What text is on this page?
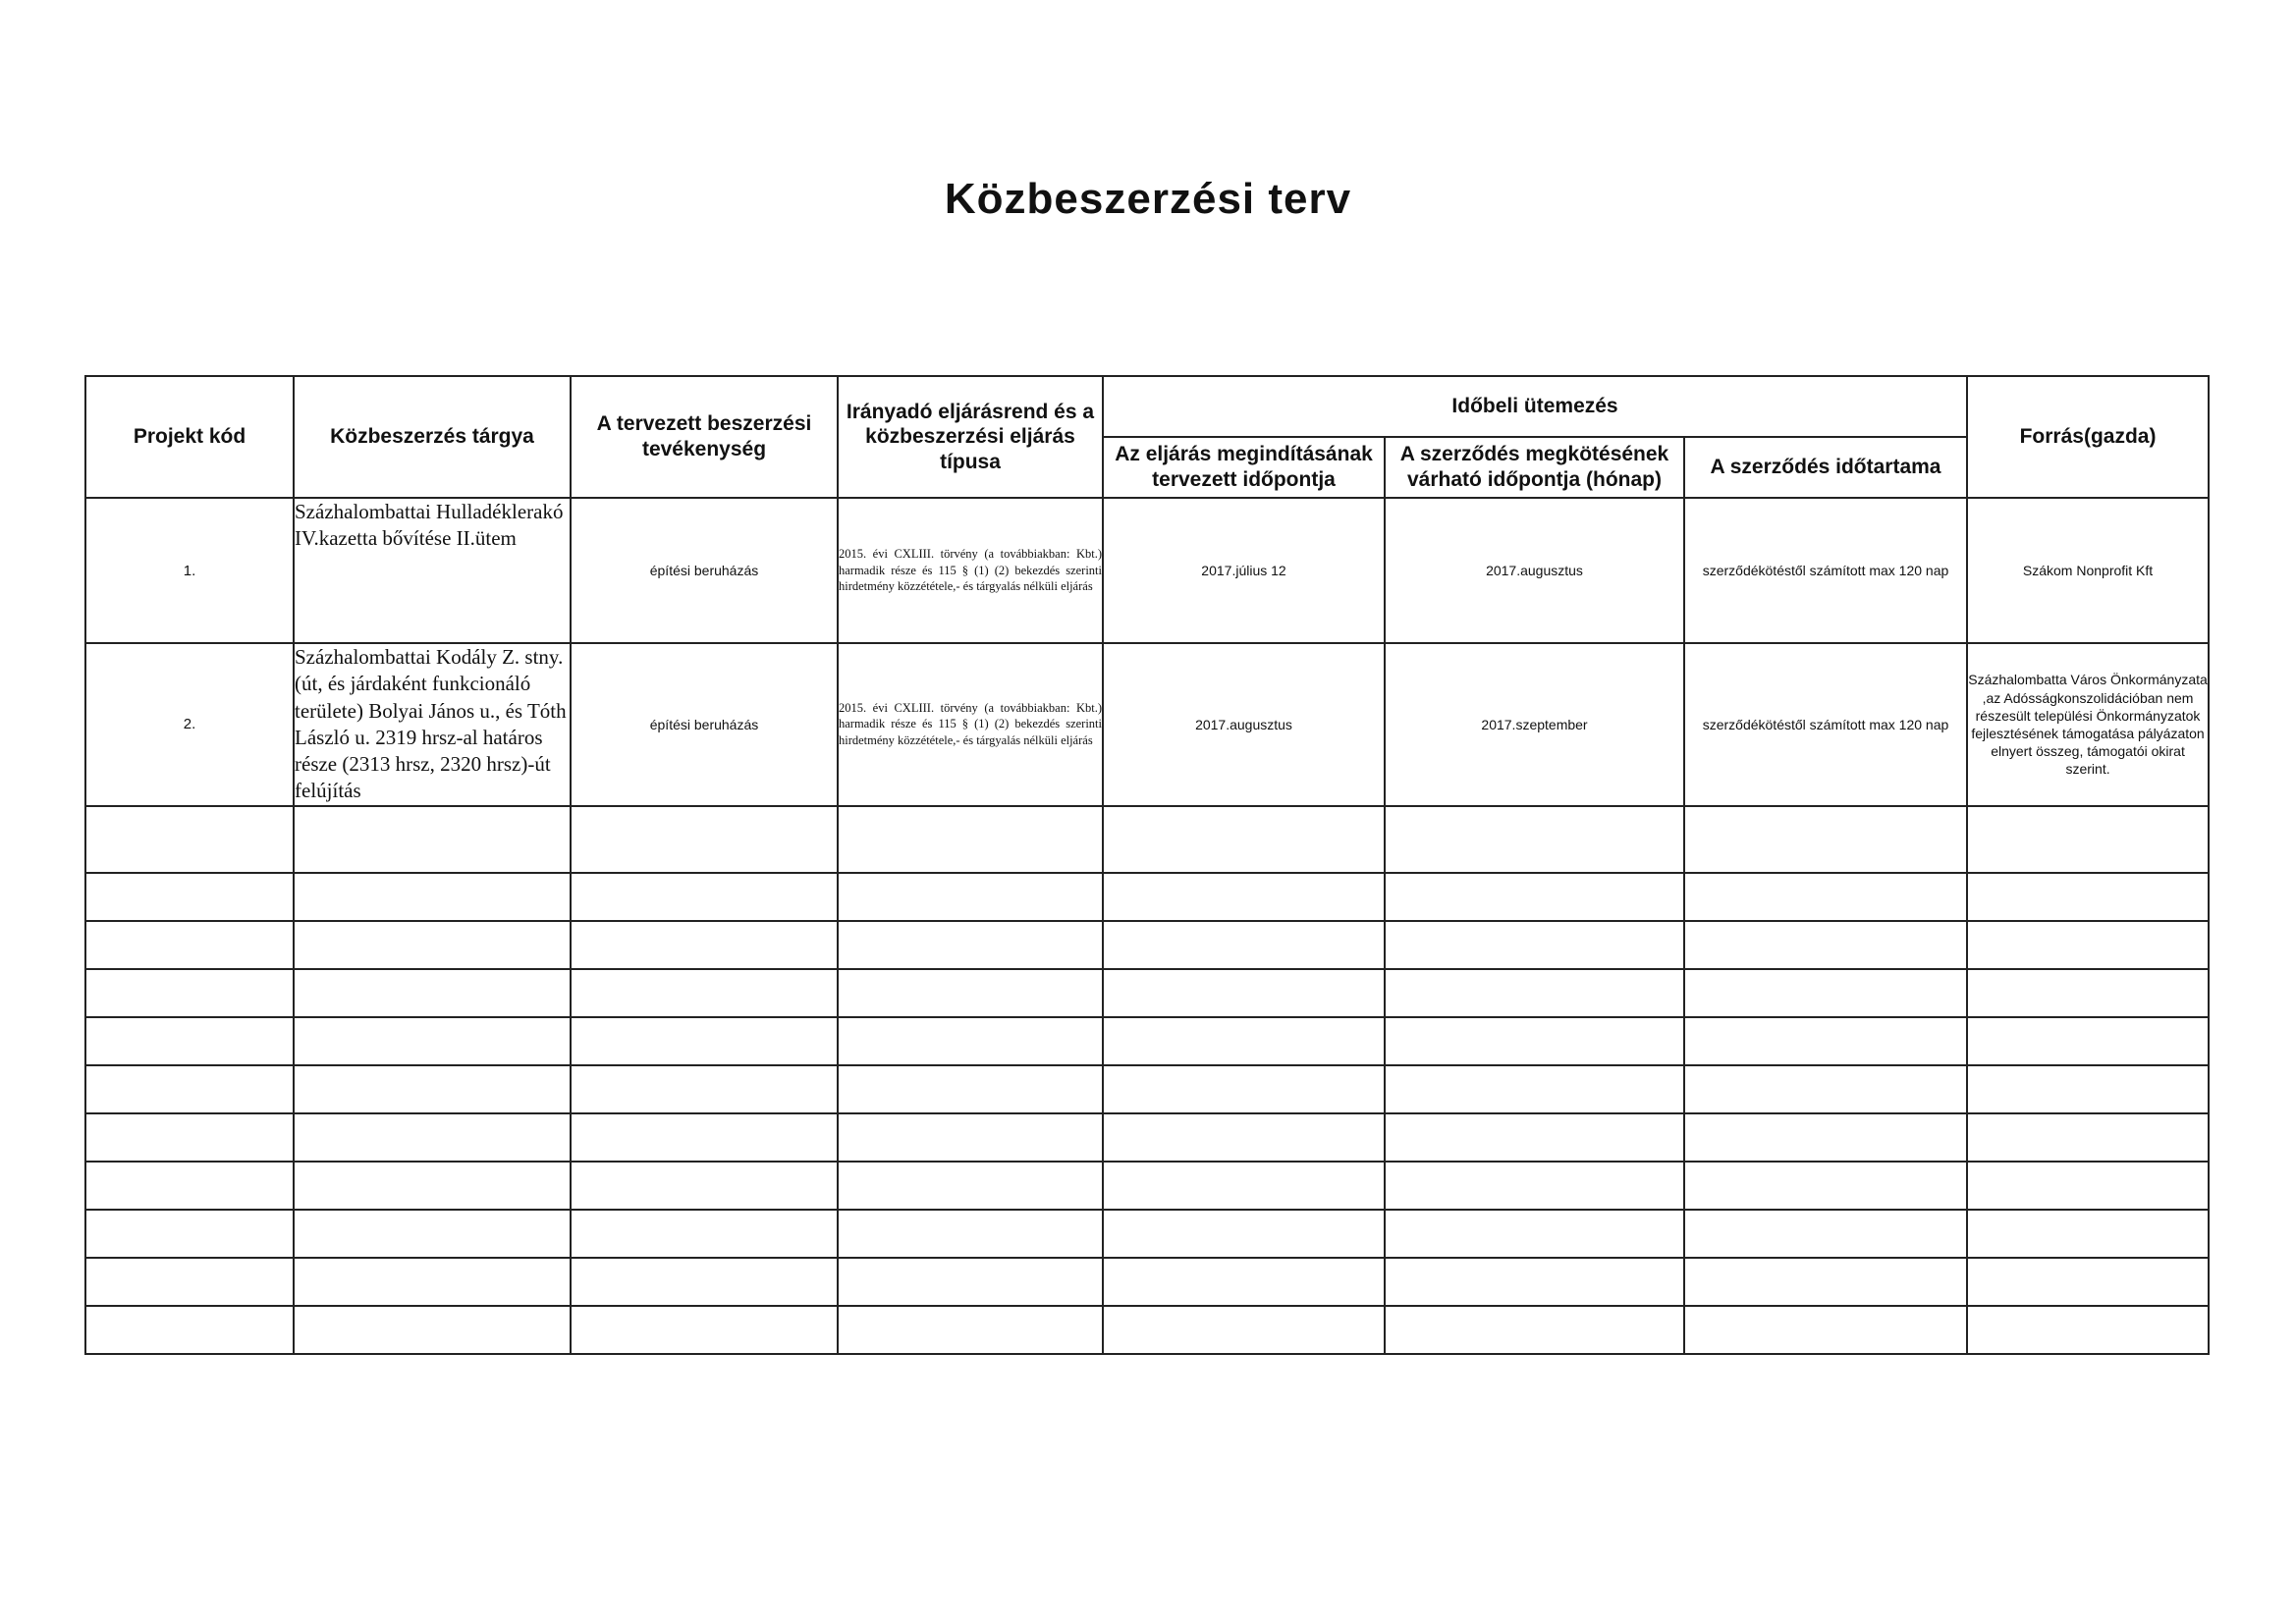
Közbeszerzési terv
Projekt kód	Közbeszerzés tárgya	A tervezett beszerzési tevékenység	Irányadó eljárásrend és a közbeszerzési eljárás típusa	Időbeli ütemezés			Forrás(gazda)
				Az eljárás megindításának tervezett időpontja	A szerződés megkötésének várható időpontja (hónap)	A szerződés időtartama	
1.	Százhalombattai Hulladéklerakó IV.kazetta bővítése II.ütem	építési beruházás	2015. évi CXLIII. törvény (a továbbiakban: Kbt.) harmadik része és 115 § (1) (2) bekezdés szerinti hirdetmény közzététele,- és tárgyalás nélküli eljárás	2017.július 12	2017.augusztus	szerződékötéstől számított max 120 nap	Szákom Nonprofit Kft
2.	Százhalombattai Kodály Z. stny. (út, és járdaként funkcionáló területe) Bolyai János u., és Tóth László u. 2319 hrsz-al határos része (2313 hrsz, 2320 hrsz)-út felújítás	építési beruházás	2015. évi CXLIII. törvény (a továbbiakban: Kbt.) harmadik része és 115 § (1) (2) bekezdés szerinti hirdetmény közzététele,- és tárgyalás nélküli eljárás	2017.augusztus	2017.szeptember	szerződékötéstől számított max 120 nap	Százhalombatta Város Önkormányzata ,az Adósságkonszolidációban nem részesült települési Önkormányzatok fejlesztésének támogatása pályázaton elnyert összeg, támogatói okirat szerint.
